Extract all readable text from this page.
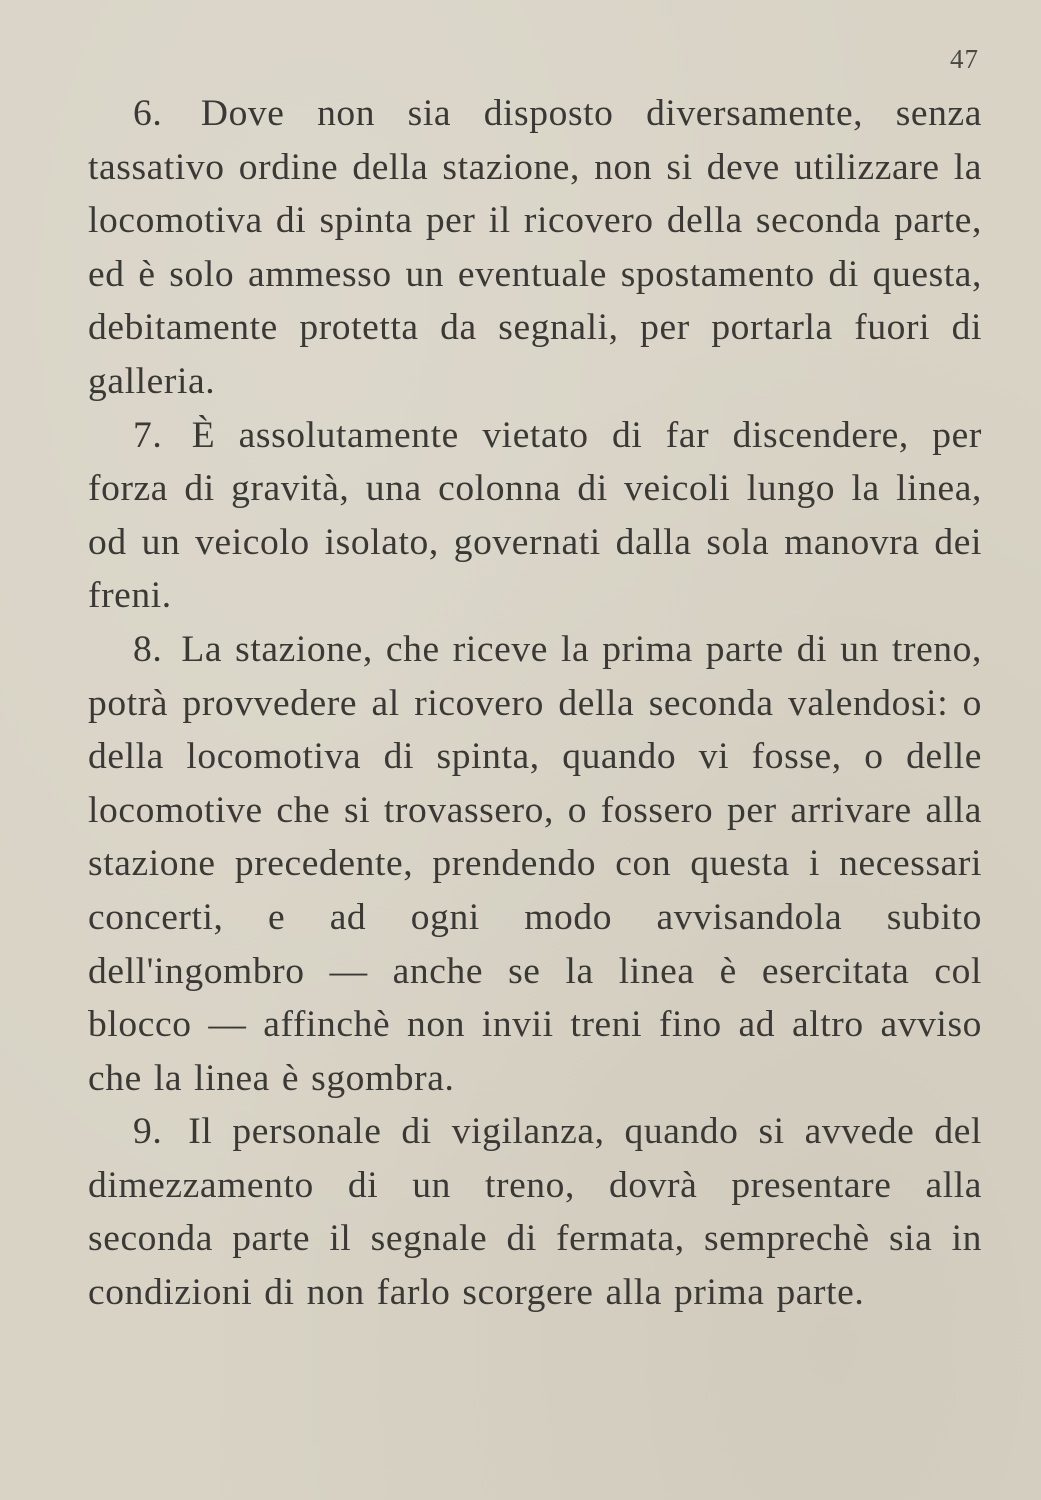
47

6. Dove non sia disposto diversamente, senza tassativo ordine della stazione, non si deve utilizzare la locomotiva di spinta per il ricovero della seconda parte, ed è solo ammesso un eventuale spostamento di questa, debitamente protetta da segnali, per portarla fuori di galleria.

7. È assolutamente vietato di far discendere, per forza di gravità, una colonna di veicoli lungo la linea, od un veicolo isolato, governati dalla sola manovra dei freni.

8. La stazione, che riceve la prima parte di un treno, potrà provvedere al ricovero della seconda valendosi: o della locomotiva di spinta, quando vi fosse, o delle locomotive che si trovassero, o fossero per arrivare alla stazione precedente, prendendo con questa i necessari concerti, e ad ogni modo avvisandola subito dell'ingombro — anche se la linea è esercitata col blocco — affinchè non invii treni fino ad altro avviso che la linea è sgombra.

9. Il personale di vigilanza, quando si avvede del dimezzamento di un treno, dovrà presentare alla seconda parte il segnale di fermata, semprechè sia in condizioni di non farlo scorgere alla prima parte.
